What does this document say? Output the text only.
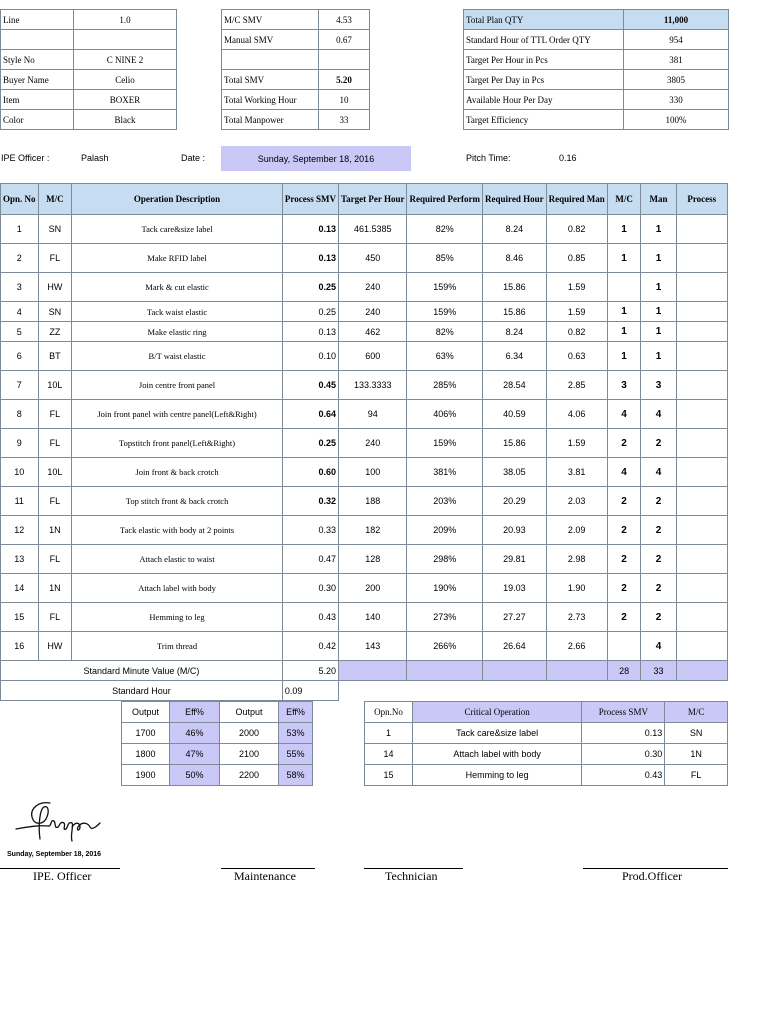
Line	1.0

Style No	C NINE 2
Buyer Name	Celio
Item	BOXER
Color	Black
M/C SMV	4.53
Manual SMV	0.67

Total SMV	5.20
Total Working Hour	10
Total Manpower	33
Total Plan QTY	11,000
Standard Hour of TTL Order QTY	954
Target Per Hour in Pcs	381
Target Per Day in Pcs	3805
Available Hour Per Day	330
Target Efficiency	100%
IPE Officer :	Palash	Date :	Sunday, September 18, 2016	Pitch Time:	0.16
Opn. No	M/C	Operation Description	Process SMV	Target Per Hour	Required Perform	Required Hour	Required Man	M/C	Man	Process
1	SN	Tack care&size label	0.13	461.5385	82%	8.24	0.82	1	1	
2	FL	Make RFID label	0.13	450	85%	8.46	0.85	1	1	
3	HW	Mark & cut elastic	0.25	240	159%	15.86	1.59		1	
4	SN	Tack waist elastic	0.25	240	159%	15.86	1.59	1	1	
5	ZZ	Make elastic ring	0.13	462	82%	8.24	0.82	1	1	
6	BT	B/T waist elastic	0.10	600	63%	6.34	0.63	1	1	
7	10L	Join centre front panel	0.45	133.3333	285%	28.54	2.85	3	3	
8	FL	Join front panel with centre panel(Left&Right)	0.64	94	406%	40.59	4.06	4	4	
9	FL	Topstitch front panel(Left&Right)	0.25	240	159%	15.86	1.59	2	2	
10	10L	Join front & back crotch	0.60	100	381%	38.05	3.81	4	4	
11	FL	Top stitch front & back crotch	0.32	188	203%	20.29	2.03	2	2	
12	1N	Tack elastic with body at 2 points	0.33	182	209%	20.93	2.09	2	2	
13	FL	Attach elastic to waist	0.47	128	298%	29.81	2.98	2	2	
14	1N	Attach label with body	0.30	200	190%	19.03	1.90	2	2	
15	FL	Hemming to leg	0.43	140	273%	27.27	2.73	2	2	
16	HW	Trim thread	0.42	143	266%	26.64	2.66		4	
Standard Minute Value (M/C)			5.20					28	33	
Standard Hour			0.09							
Output	Eff%	Output	Eff%
1700	46%	2000	53%
1800	47%	2100	55%
1900	50%	2200	58%
Opn.No	Critical Operation	Process SMV	M/C
1	Tack care&size label	0.13	SN
14	Attach label with body	0.30	1N
15	Hemming to leg	0.43	FL
Sunday, September 18, 2016
IPE. Officer	Maintenance	Technician	Prod.Officer
